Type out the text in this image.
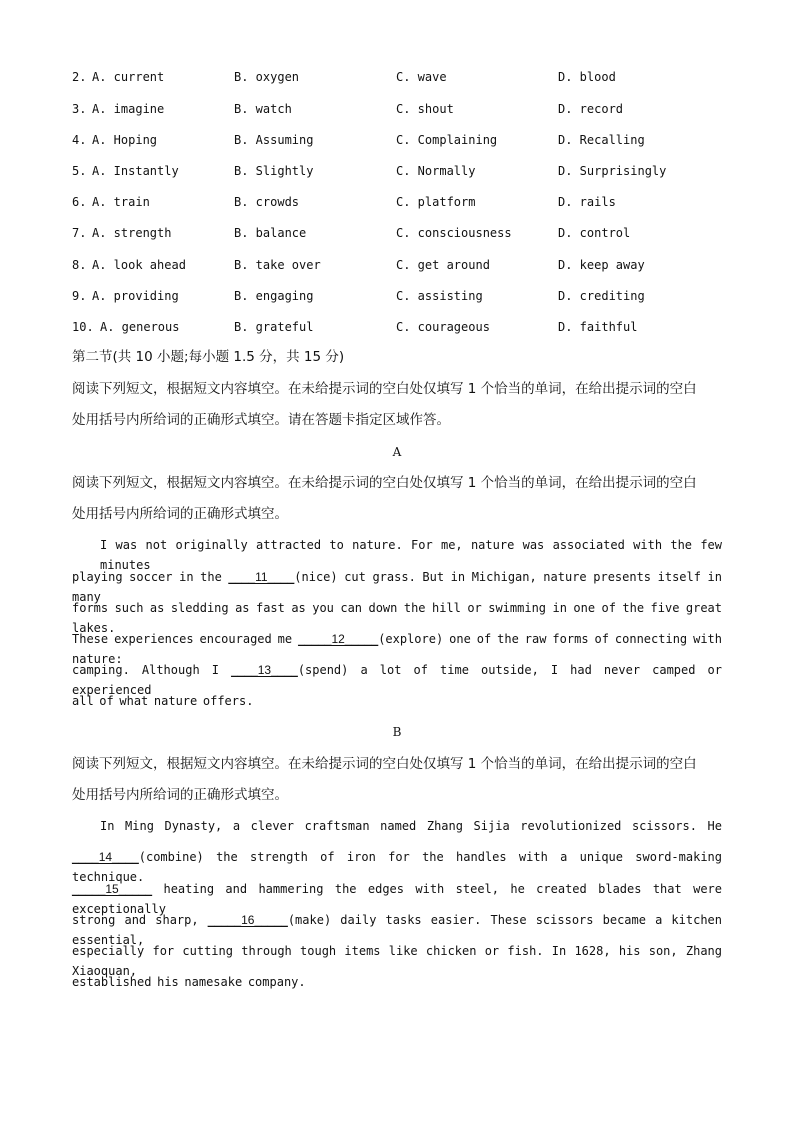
2. A. current	B. oxygen	C. wave	D. blood
3. A. imagine	B. watch	C. shout	D. record
4. A. Hoping	B. Assuming	C. Complaining	D. Recalling
5. A. Instantly	B. Slightly	C. Normally	D. Surprisingly
6. A. train	B. crowds	C. platform	D. rails
7. A. strength	B. balance	C. consciousness	D. control
8. A. look ahead	B. take over	C. get around	D. keep away
9. A. providing	B. engaging	C. assisting	D. crediting
10. A. generous	B. grateful	C. courageous	D. faithful
第二节(共 10 小题;每小题 1.5 分，共 15 分)
阅读下列短文，根据短文内容填空。在未给提示词的空白处仅填写 1 个恰当的单词，在给出提示词的空白
处用括号内所给词的正确形式填空。请在答题卡指定区域作答。
A
阅读下列短文，根据短文内容填空。在未给提示词的空白处仅填写 1 个恰当的单词，在给出提示词的空白
处用括号内所给词的正确形式填空。
I was not originally attracted to nature. For me, nature was associated with the few minutes
playing soccer in the ____11____(nice) cut grass. But in Michigan, nature presents itself in many
forms such as sledding as fast as you can down the hill or swimming in one of the five great lakes.
These experiences encouraged me _____12_____(explore) one of the raw forms of connecting with nature:
camping. Although I ____13____(spend) a lot of time outside, I had never camped or experienced
all of what nature offers.
B
阅读下列短文，根据短文内容填空。在未给提示词的空白处仅填写 1 个恰当的单词，在给出提示词的空白
处用括号内所给词的正确形式填空。
In Ming Dynasty, a clever craftsman named Zhang Sijia revolutionized scissors. He
____14____(combine) the strength of iron for the handles with a unique sword-making technique.
_____15_____ heating and hammering the edges with steel, he created blades that were exceptionally
strong and sharp, _____16_____(make) daily tasks easier. These scissors became a kitchen essential,
especially for cutting through tough items like chicken or fish. In 1628, his son, Zhang Xiaoquan,
established his namesake company.
